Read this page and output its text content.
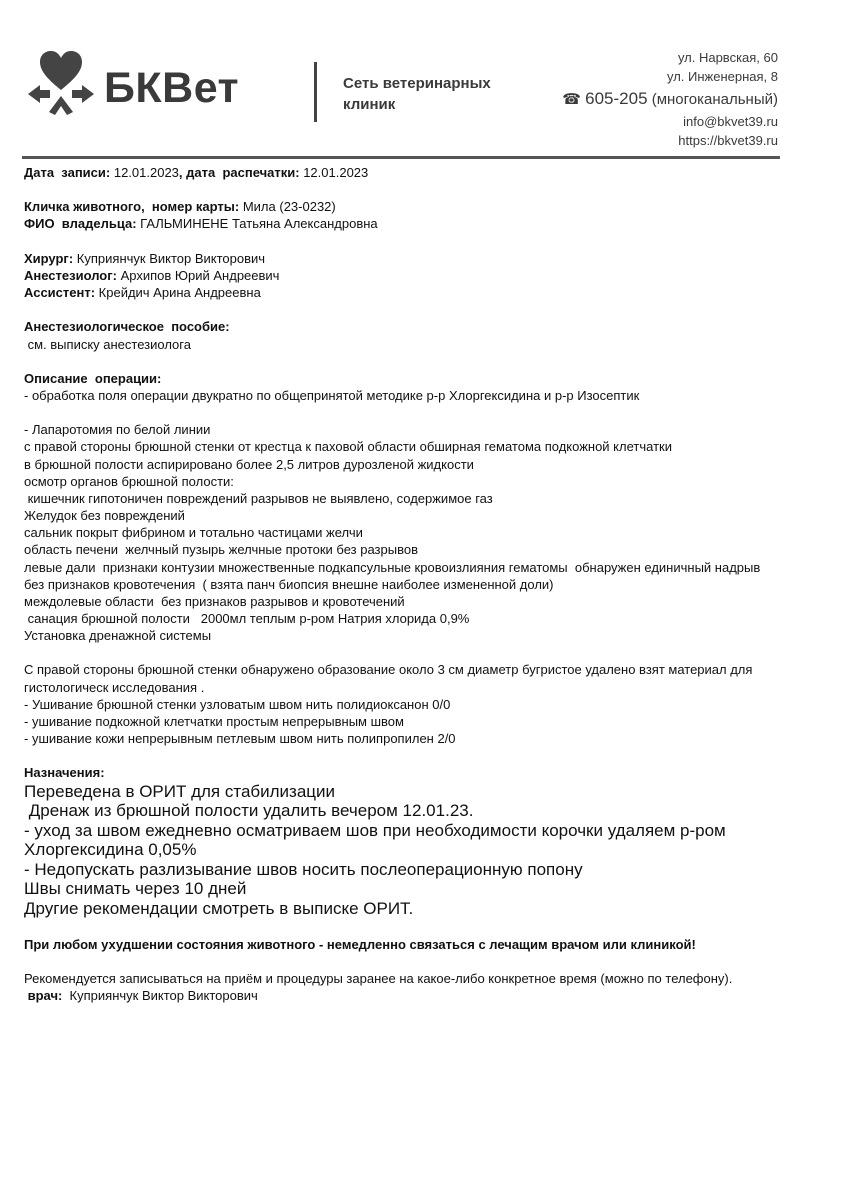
БКВет	Сеть ветеринарных
клиник
ул. Нарвская, 60
ул. Инженерная, 8
☎ 605-205 (многоканальный)
info@bkvet39.ru
https://bkvet39.ru
Дата  записи: 12.01.2023, дата  распечатки: 12.01.2023
Кличка животного,  номер карты: Мила (23-0232)
ФИО  владельца: ГАЛЬМИНЕНЕ Татьяна Александровна
Хирург: Куприянчук Виктор Викторович
Анестезиолог: Архипов Юрий Андреевич
Ассистент: Крейдич Арина Андреевна
Анестезиологическое  пособие:
см. выписку анестезиолога
Описание  операции:
- обработка поля операции двукратно по общепринятой методике р-р Хлоргексидина и р-р Изосептик
- Лапаротомия по белой линии
с правой стороны брюшной стенки от крестца к паховой области обширная гематома подкожной клетчатки
в брюшной полости аспирировано более 2,5 литров дурозленой жидкости
осмотр органов брюшной полости:
кишечник гипотоничен повреждений разрывов не выявлено, содержимое газ
Желудок без повреждений
сальник покрыт фибрином и тотально частицами желчи
область печени  желчный пузырь желчные протоки без разрывов
левые дали  признаки контузии множественные подкапсульные кровоизлияния гематомы  обнаружен единичный надрыв
без признаков кровотечения  ( взята панч биопсия внешне наиболее измененной доли)
междолевые области  без признаков разрывов и кровотечений
санация брюшной полости   2000мл теплым р-ром Натрия хлорида 0,9%
Установка дренажной системы
С правой стороны брюшной стенки обнаружено образование около 3 см диаметр бугристое удалено взят материал для
гистологическ исследования .
- Ушивание брюшной стенки узловатым швом нить полидиоксанон 0/0
- ушивание подкожной клетчатки простым непрерывным швом
- ушивание кожи непрерывным петлевым швом нить полипропилен 2/0
Назначения:
Переведена в ОРИТ для стабилизации
Дренаж из брюшной полости удалить вечером 12.01.23.
- уход за швом ежедневно осматриваем шов при необходимости корочки удаляем р-ром
Хлоргексидина 0,05%
- Недопускать разлизывание швов носить послеоперационную попону
Швы снимать через 10 дней
Другие рекомендации смотреть в выписке ОРИТ.
При любом ухудшении состояния животного - немедленно связаться с лечащим врачом или клиникой!
Рекомендуется записываться на приём и процедуры заранее на какое-либо конкретное время (можно по телефону).
врач:  Куприянчук Виктор Викторович
